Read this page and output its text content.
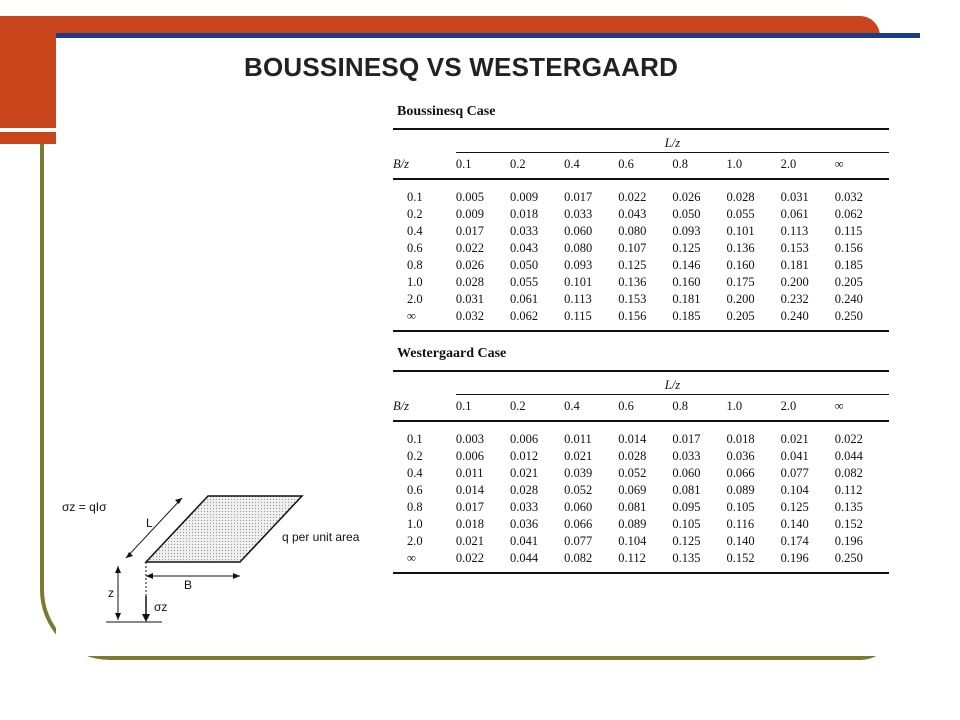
BOUSSINESQ VS WESTERGAARD
Boussinesq Case
	L/z							
B/z	0.1	0.2	0.4	0.6	0.8	1.0	2.0	∞
0.1	0.005	0.009	0.017	0.022	0.026	0.028	0.031	0.032
0.2	0.009	0.018	0.033	0.043	0.050	0.055	0.061	0.062
0.4	0.017	0.033	0.060	0.080	0.093	0.101	0.113	0.115
0.6	0.022	0.043	0.080	0.107	0.125	0.136	0.153	0.156
0.8	0.026	0.050	0.093	0.125	0.146	0.160	0.181	0.185
1.0	0.028	0.055	0.101	0.136	0.160	0.175	0.200	0.205
2.0	0.031	0.061	0.113	0.153	0.181	0.200	0.232	0.240
∞	0.032	0.062	0.115	0.156	0.185	0.205	0.240	0.250
Westergaard Case
	L/z							
B/z	0.1	0.2	0.4	0.6	0.8	1.0	2.0	∞
0.1	0.003	0.006	0.011	0.014	0.017	0.018	0.021	0.022
0.2	0.006	0.012	0.021	0.028	0.033	0.036	0.041	0.044
0.4	0.011	0.021	0.039	0.052	0.060	0.066	0.077	0.082
0.6	0.014	0.028	0.052	0.069	0.081	0.089	0.104	0.112
0.8	0.017	0.033	0.060	0.081	0.095	0.105	0.125	0.135
1.0	0.018	0.036	0.066	0.089	0.105	0.116	0.140	0.152
2.0	0.021	0.041	0.077	0.104	0.125	0.140	0.174	0.196
∞	0.022	0.044	0.082	0.112	0.135	0.152	0.196	0.250
σz = qIσ
L
B
z
σz
q per unit area
